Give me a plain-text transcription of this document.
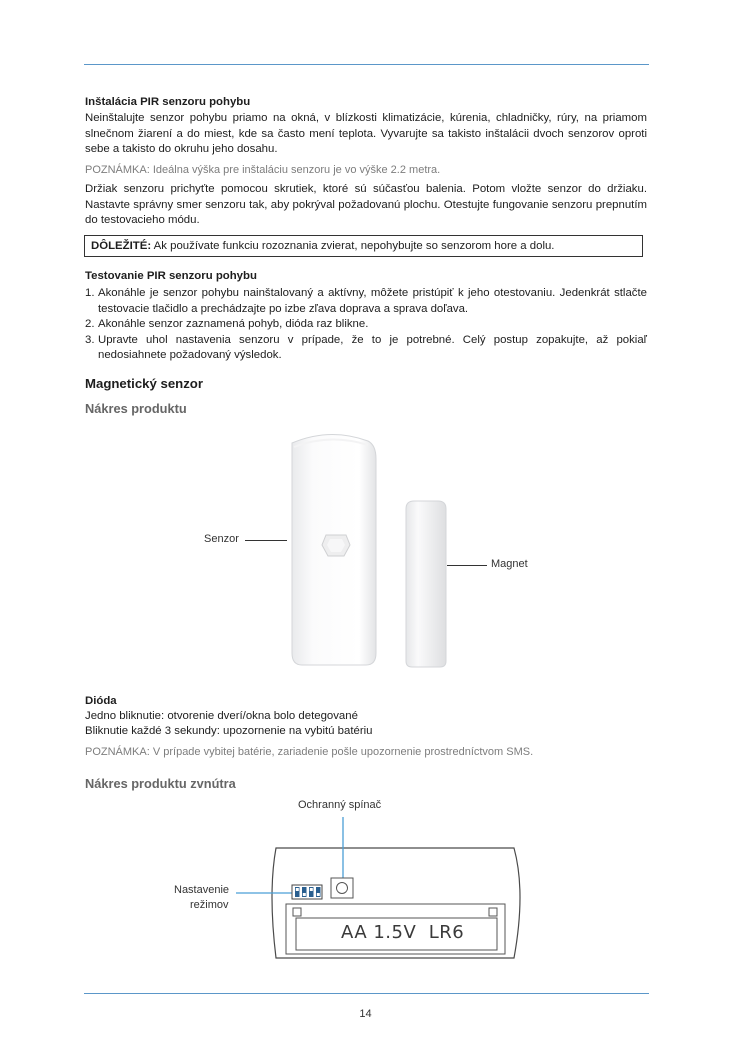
Inštalácia PIR senzoru pohybu

Neinštalujte senzor pohybu priamo na okná, v blízkosti klimatizácie, kúrenia, chladničky, rúry, na priamom slnečnom žiarení a do miest, kde sa často mení teplota. Vyvarujte sa takisto inštalácii dvoch senzorov oproti sebe a takisto do okruhu jeho dosahu.

POZNÁMKA: Ideálna výška pre inštaláciu senzoru je vo výške 2.2 metra.

Držiak senzoru prichyťte pomocou skrutiek, ktoré sú súčasťou balenia. Potom vložte senzor do držiaku. Nastavte správny smer senzoru tak, aby pokrýval požadovanú plochu. Otestujte fungovanie senzoru prepnutím do testovacieho módu.

DÔLEŽITÉ: Ak používate funkciu rozoznania zvierat, nepohybujte so senzorom hore a dolu.

Testovanie PIR senzoru pohybu

1. Akonáhle je senzor pohybu nainštalovaný a aktívny, môžete pristúpiť k jeho otestovaniu. Jedenkrát stlačte testovacie tlačidlo a prechádzajte po izbe zľava doprava a sprava doľava.
2. Akonáhle senzor zaznamená pohyb, dióda raz blikne.
3. Upravte uhol nastavenia senzoru v prípade, že to je potrebné. Celý postup zopakujte, až pokiaľ nedosiahnete požadovaný výsledok.

Magnetický senzor

Nákres produktu

Senzor
Magnet

Dióda

Jedno bliknutie: otvorenie dverí/okna bolo detegované

Bliknutie každé 3 sekundy: upozornenie na vybitú batériu

POZNÁMKA: V prípade vybitej batérie, zariadenie pošle upozornenie prostredníctvom SMS.

Nákres produktu zvnútra

Ochranný spínač
Nastavenie
režimov
AA 1.5V  LR6
14
